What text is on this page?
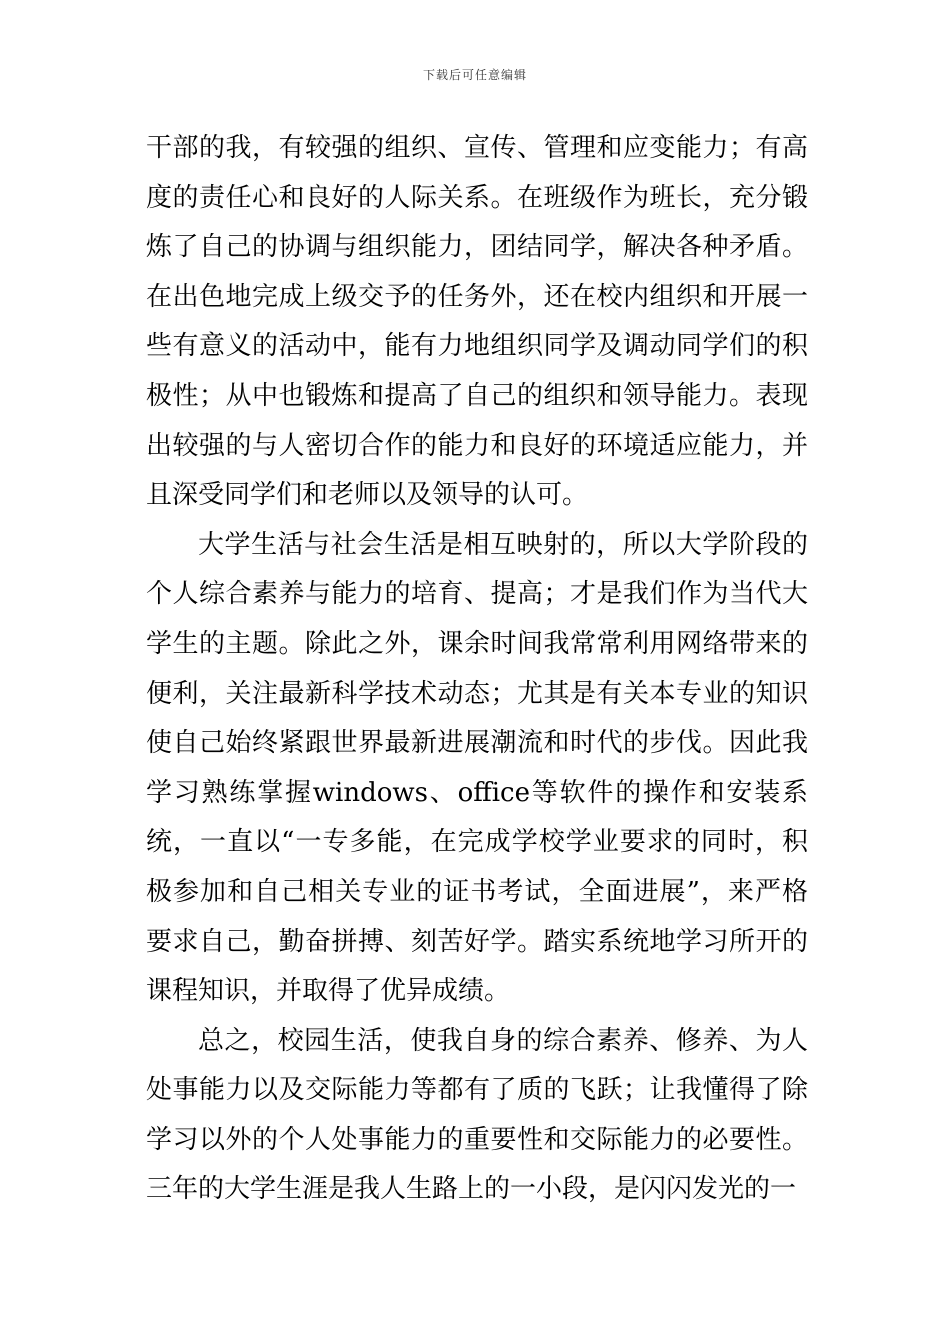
下载后可任意编辑

干部的我，有较强的组织、宣传、管理和应变能力；有高度的责任心和良好的人际关系。在班级作为班长，充分锻炼了自己的协调与组织能力，团结同学，解决各种矛盾。在出色地完成上级交予的任务外，还在校内组织和开展一些有意义的活动中，能有力地组织同学及调动同学们的积极性；从中也锻炼和提高了自己的组织和领导能力。表现出较强的与人密切合作的能力和良好的环境适应能力，并且深受同学们和老师以及领导的认可。

大学生活与社会生活是相互映射的，所以大学阶段的个人综合素养与能力的培育、提高；才是我们作为当代大学生的主题。除此之外，课余时间我常常利用网络带来的便利，关注最新科学技术动态；尤其是有关本专业的知识使自己始终紧跟世界最新进展潮流和时代的步伐。因此我学习熟练掌握windows、office等软件的操作和安装系统，一直以“一专多能，在完成学校学业要求的同时，积极参加和自己相关专业的证书考试，全面进展”，来严格要求自己，勤奋拼搏、刻苦好学。踏实系统地学习所开的课程知识，并取得了优异成绩。

总之，校园生活，使我自身的综合素养、修养、为人处事能力以及交际能力等都有了质的飞跃；让我懂得了除学习以外的个人处事能力的重要性和交际能力的必要性。三年的大学生涯是我人生路上的一小段，是闪闪发光的一
